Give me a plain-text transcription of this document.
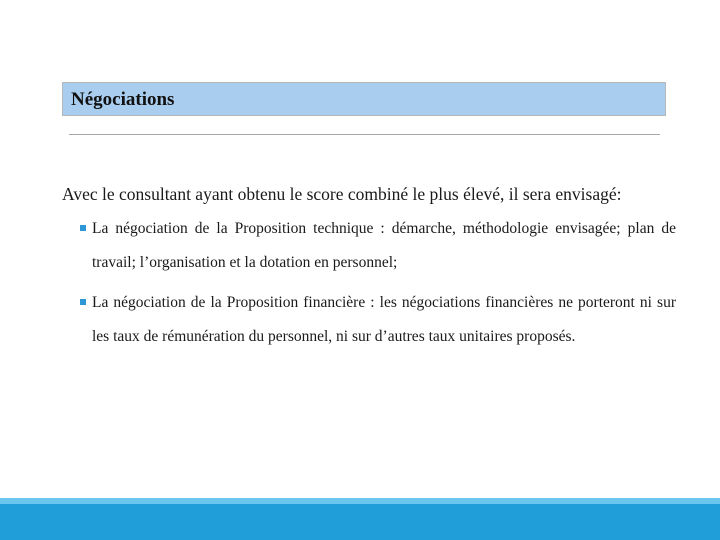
Négociations

Avec le consultant ayant obtenu le score combiné le plus élevé, il sera envisagé:

La négociation de la Proposition technique : démarche, méthodologie envisagée; plan de travail; l’organisation et la dotation en personnel;
La négociation de la Proposition financière : les négociations financières ne porteront ni sur les taux de rémunération du personnel, ni sur d’autres taux unitaires proposés.
